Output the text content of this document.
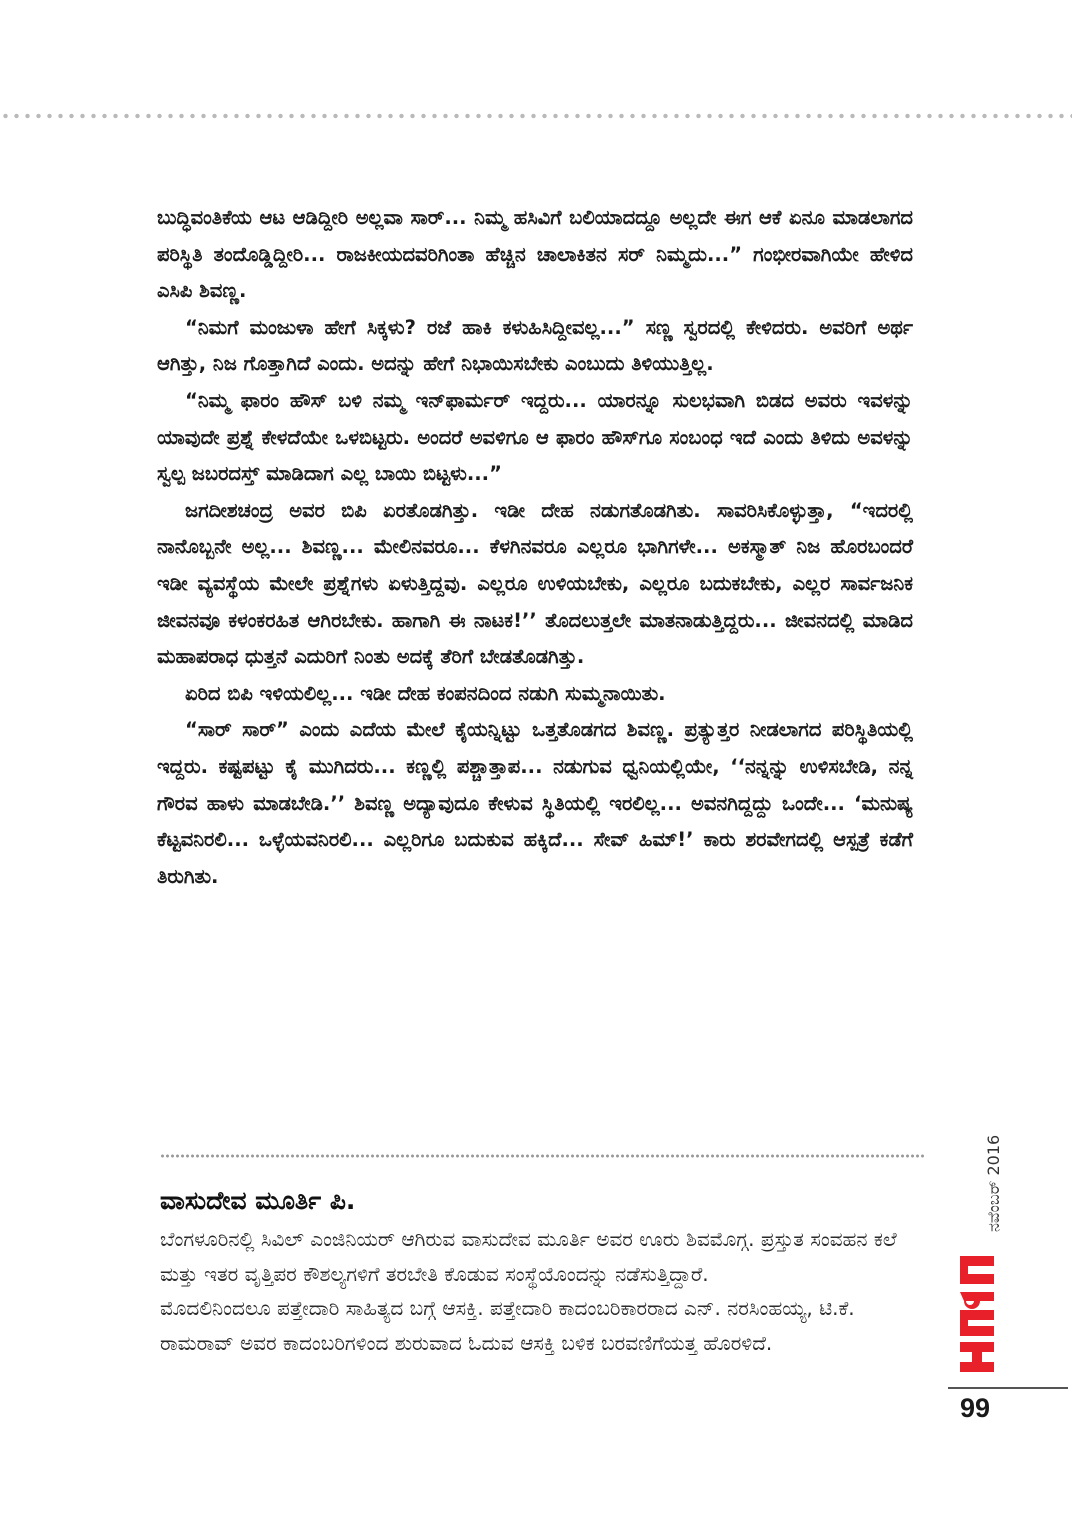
ಬುದ್ಧಿವಂತಿಕೆಯ ಆಟ ಆಡಿದ್ದೀರಿ ಅಲ್ಲವಾ ಸಾರ್... ನಿಮ್ಮ ಹಸಿವಿಗೆ ಬಲಿಯಾದದ್ದೂ ಅಲ್ಲದೇ ಈಗ ಆಕೆ ಏನೂ ಮಾಡಲಾಗದ ಪರಿಸ್ಥಿತಿ ತಂದೊಡ್ಡಿದ್ದೀರಿ... ರಾಜಕೀಯದವರಿಗಿಂತಾ ಹೆಚ್ಚಿನ ಚಾಲಾಕಿತನ ಸರ್ ನಿಮ್ಮದು...” ಗಂಭೀರವಾಗಿಯೇ ಹೇಳಿದ ಎಸಿಪಿ ಶಿವಣ್ಣ.

“ನಿಮಗೆ ಮಂಜುಳಾ ಹೇಗೆ ಸಿಕ್ಕಳು? ರಜೆ ಹಾಕಿ ಕಳುಹಿಸಿದ್ದೀವಲ್ಲ...” ಸಣ್ಣ ಸ್ವರದಲ್ಲಿ ಕೇಳಿದರು. ಅವರಿಗೆ ಅರ್ಥ ಆಗಿತ್ತು, ನಿಜ ಗೊತ್ತಾಗಿದೆ ಎಂದು. ಅದನ್ನು ಹೇಗೆ ನಿಭಾಯಿಸಬೇಕು ಎಂಬುದು ತಿಳಿಯುತ್ತಿಲ್ಲ.

“ನಿಮ್ಮ ಫಾರಂ ಹೌಸ್ ಬಳಿ ನಮ್ಮ ಇನ್‌ಫಾರ್ಮರ್ ಇದ್ದರು... ಯಾರನ್ನೂ ಸುಲಭವಾಗಿ ಬಿಡದ ಅವರು ಇವಳನ್ನು ಯಾವುದೇ ಪ್ರಶ್ನೆ ಕೇಳದೆಯೇ ಒಳಬಿಟ್ಟರು. ಅಂದರೆ ಅವಳಿಗೂ ಆ ಫಾರಂ ಹೌಸ್‌ಗೂ ಸಂಬಂಧ ಇದೆ ಎಂದು ತಿಳಿದು ಅವಳನ್ನು ಸ್ವಲ್ಪ ಜಬರದಸ್ತ್ ಮಾಡಿದಾಗ ಎಲ್ಲ ಬಾಯಿ ಬಿಟ್ಟಳು...”

ಜಗದೀಶಚಂದ್ರ ಅವರ ಬಿಪಿ ಏರತೊಡಗಿತ್ತು. ಇಡೀ ದೇಹ ನಡುಗತೊಡಗಿತು. ಸಾವರಿಸಿಕೊಳ್ಳುತ್ತಾ, “ಇದರಲ್ಲಿ ನಾನೊಬ್ಬನೇ ಅಲ್ಲ... ಶಿವಣ್ಣ... ಮೇಲಿನವರೂ... ಕೆಳಗಿನವರೂ ಎಲ್ಲರೂ ಭಾಗಿಗಳೇ... ಅಕಸ್ಮಾತ್ ನಿಜ ಹೊರಬಂದರೆ ಇಡೀ ವ್ಯವಸ್ಥೆಯ ಮೇಲೇ ಪ್ರಶ್ನೆಗಳು ಏಳುತ್ತಿದ್ದವು. ಎಲ್ಲರೂ ಉಳಿಯಬೇಕು, ಎಲ್ಲರೂ ಬದುಕಬೇಕು, ಎಲ್ಲರ ಸಾರ್ವಜನಿಕ ಜೀವನವೂ ಕಳಂಕರಹಿತ ಆಗಿರಬೇಕು. ಹಾಗಾಗಿ ಈ ನಾಟಕ!’’ ತೊದಲುತ್ತಲೇ ಮಾತನಾಡುತ್ತಿದ್ದರು... ಜೀವನದಲ್ಲಿ ಮಾಡಿದ ಮಹಾಪರಾಧ ಧುತ್ತನೆ ಎದುರಿಗೆ ನಿಂತು ಅದಕ್ಕೆ ತೆರಿಗೆ ಬೇಡತೊಡಗಿತ್ತು.

ಏರಿದ ಬಿಪಿ ಇಳಿಯಲಿಲ್ಲ... ಇಡೀ ದೇಹ ಕಂಪನದಿಂದ ನಡುಗಿ ಸುಮ್ಮನಾಯಿತು.

“ಸಾರ್ ಸಾರ್” ಎಂದು ಎದೆಯ ಮೇಲೆ ಕೈಯನ್ನಿಟ್ಟು ಒತ್ತತೊಡಗದ ಶಿವಣ್ಣ. ಪ್ರತ್ಯುತ್ತರ ನೀಡಲಾಗದ ಪರಿಸ್ಥಿತಿಯಲ್ಲಿ ಇದ್ದರು. ಕಷ್ಟಪಟ್ಟು ಕೈ ಮುಗಿದರು... ಕಣ್ಣಲ್ಲಿ ಪಶ್ಚಾತ್ತಾಪ... ನಡುಗುವ ಧ್ವನಿಯಲ್ಲಿಯೇ, ‘‘ನನ್ನನ್ನು ಉಳಿಸಬೇಡಿ, ನನ್ನ ಗೌರವ ಹಾಳು ಮಾಡಬೇಡಿ.’’ ಶಿವಣ್ಣ ಅದ್ಯಾವುದೂ ಕೇಳುವ ಸ್ಥಿತಿಯಲ್ಲಿ ಇರಲಿಲ್ಲ... ಅವನಗಿದ್ದದ್ದು ಒಂದೇ... ‘ಮನುಷ್ಯ ಕೆಟ್ಟವನಿರಲಿ... ಒಳ್ಳೆಯವನಿರಲಿ... ಎಲ್ಲರಿಗೂ ಬದುಕುವ ಹಕ್ಕಿದೆ... ಸೇವ್ ಹಿಮ್!’ ಕಾರು ಶರವೇಗದಲ್ಲಿ ಆಸ್ಪತ್ರೆ ಕಡೆಗೆ ತಿರುಗಿತು.

ವಾಸುದೇವ ಮೂರ್ತಿ ಪಿ.

ಬೆಂಗಳೂರಿನಲ್ಲಿ ಸಿವಿಲ್ ಎಂಜಿನಿಯರ್ ಆಗಿರುವ ವಾಸುದೇವ ಮೂರ್ತಿ ಅವರ ಊರು ಶಿವಮೊಗ್ಗ. ಪ್ರಸ್ತುತ ಸಂವಹನ ಕಲೆ ಮತ್ತು ಇತರ ವೃತ್ತಿಪರ ಕೌಶಲ್ಯಗಳಿಗೆ ತರಬೇತಿ ಕೊಡುವ ಸಂಸ್ಥೆಯೊಂದನ್ನು ನಡೆಸುತ್ತಿದ್ದಾರೆ.

ಮೊದಲಿನಿಂದಲೂ ಪತ್ತೇದಾರಿ ಸಾಹಿತ್ಯದ ಬಗ್ಗೆ ಆಸಕ್ತಿ. ಪತ್ತೇದಾರಿ ಕಾದಂಬರಿಕಾರರಾದ ಎನ್. ನರಸಿಂಹಯ್ಯ, ಟಿ.ಕೆ. ರಾಮರಾವ್ ಅವರ ಕಾದಂಬರಿಗಳಿಂದ ಶುರುವಾದ ಓದುವ ಆಸಕ್ತಿ ಬಳಿಕ ಬರವಣಿಗೆಯತ್ತ ಹೊರಳಿದೆ.

ನವೆಂಬರ್ 2016
99
